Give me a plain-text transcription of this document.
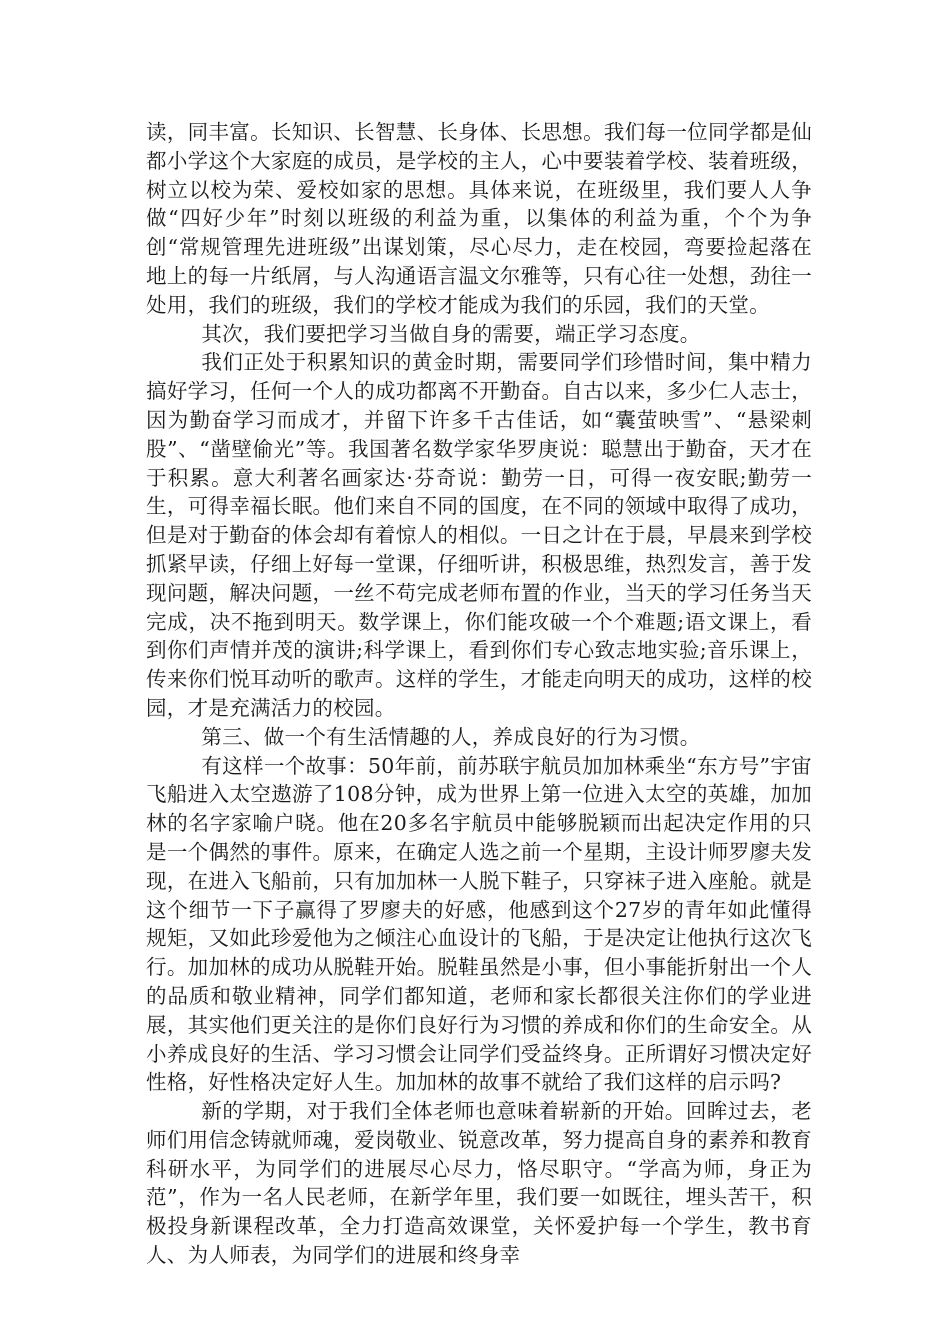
读，同丰富。长知识、长智慧、长身体、长思想。我们每一位同学都是仙都小学这个大家庭的成员，是学校的主人，心中要装着学校、装着班级，树立以校为荣、爱校如家的思想。具体来说，在班级里，我们要人人争做“四好少年”时刻以班级的利益为重，以集体的利益为重，个个为争创“常规管理先进班级”出谋划策，尽心尽力，走在校园，弯要捡起落在地上的每一片纸屑，与人沟通语言温文尔雅等，只有心往一处想，劲往一处用，我们的班级，我们的学校才能成为我们的乐园，我们的天堂。

其次，我们要把学习当做自身的需要，端正学习态度。

我们正处于积累知识的黄金时期，需要同学们珍惜时间，集中精力搞好学习，任何一个人的成功都离不开勤奋。自古以来，多少仁人志士，因为勤奋学习而成才，并留下许多千古佳话，如“囊萤映雪”、“悬梁刺股”、“凿壁偷光”等。我国著名数学家华罗庚说：聪慧出于勤奋，天才在于积累。意大利著名画家达·芬奇说：勤劳一日，可得一夜安眠;勤劳一生，可得幸福长眠。他们来自不同的国度，在不同的领域中取得了成功，但是对于勤奋的体会却有着惊人的相似。一日之计在于晨，早晨来到学校抓紧早读，仔细上好每一堂课，仔细听讲，积极思维，热烈发言，善于发现问题，解决问题，一丝不苟完成老师布置的作业，当天的学习任务当天完成，决不拖到明天。数学课上，你们能攻破一个个难题;语文课上，看到你们声情并茂的演讲;科学课上，看到你们专心致志地实验;音乐课上，传来你们悦耳动听的歌声。这样的学生，才能走向明天的成功，这样的校园，才是充满活力的校园。

第三、做一个有生活情趣的人，养成良好的行为习惯。

有这样一个故事：50年前，前苏联宇航员加加林乘坐“东方号”宇宙飞船进入太空遨游了108分钟，成为世界上第一位进入太空的英雄，加加林的名字家喻户晓。他在20多名宇航员中能够脱颖而出起决定作用的只是一个偶然的事件。原来，在确定人选之前一个星期，主设计师罗廖夫发现，在进入飞船前，只有加加林一人脱下鞋子，只穿袜子进入座舱。就是这个细节一下子赢得了罗廖夫的好感，他感到这个27岁的青年如此懂得规矩，又如此珍爱他为之倾注心血设计的飞船，于是决定让他执行这次飞行。加加林的成功从脱鞋开始。脱鞋虽然是小事，但小事能折射出一个人的品质和敬业精神，同学们都知道，老师和家长都很关注你们的学业进展，其实他们更关注的是你们良好行为习惯的养成和你们的生命安全。从小养成良好的生活、学习习惯会让同学们受益终身。正所谓好习惯决定好性格，好性格决定好人生。加加林的故事不就给了我们这样的启示吗?

新的学期，对于我们全体老师也意味着崭新的开始。回眸过去，老师们用信念铸就师魂，爱岗敬业、锐意改革，努力提高自身的素养和教育科研水平，为同学们的进展尽心尽力，恪尽职守。“学高为师，身正为范”，作为一名人民老师，在新学年里，我们要一如既往，埋头苦干，积极投身新课程改革，全力打造高效课堂，关怀爱护每一个学生，教书育人、为人师表，为同学们的进展和终身幸
